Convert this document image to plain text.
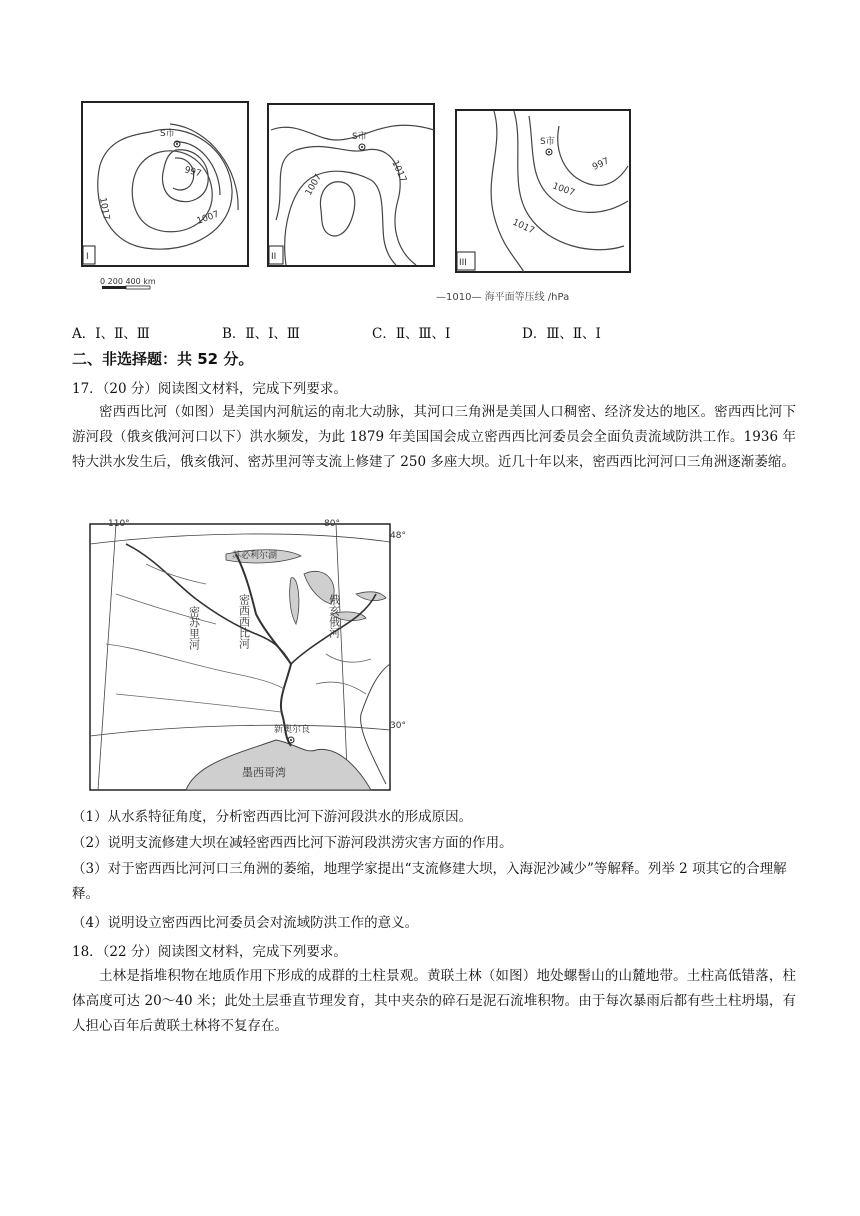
S市
997
1007
1017
I
S市
1007
1017
II
S市
997
1007
1017
III
0 200 400 km
—1010— 海平面等压线 /hPa
A．Ⅰ、Ⅱ、Ⅲ	B．Ⅱ、Ⅰ、Ⅲ	C．Ⅱ、Ⅲ、Ⅰ	D．Ⅲ、Ⅱ、Ⅰ
二、非选择题：共 52 分。
17．（20 分）阅读图文材料，完成下列要求。
密西西比河（如图）是美国内河航运的南北大动脉，其河口三角洲是美国人口稠密、经济发达的地区。密西西比河下游河段（俄亥俄河河口以下）洪水频发，为此 1879 年美国国会成立密西西比河委员会全面负责流域防洪工作。1936 年特大洪水发生后，俄亥俄河、密苏里河等支流上修建了 250 多座大坝。近几十年以来，密西西比河河口三角洲逐渐萎缩。
110°	80°
48°
30°
苏必利尔湖
墨西哥湾
新奥尔良
密苏里河	密西西比河	俄亥俄河
（1）从水系特征角度，分析密西西比河下游河段洪水的形成原因。
（2）说明支流修建大坝在减轻密西西比河下游河段洪涝灾害方面的作用。
（3）对于密西西比河河口三角洲的萎缩，地理学家提出“支流修建大坝，入海泥沙减少”等解释。列举 2 项其它的合理解释。
（4）说明设立密西西比河委员会对流域防洪工作的意义。
18．（22 分）阅读图文材料，完成下列要求。
土林是指堆积物在地质作用下形成的成群的土柱景观。黄联土林（如图）地处螺髻山的山麓地带。土柱高低错落，柱体高度可达 20～40 米；此处土层垂直节理发育，其中夹杂的碎石是泥石流堆积物。由于每次暴雨后都有些土柱坍塌，有人担心百年后黄联土林将不复存在。
